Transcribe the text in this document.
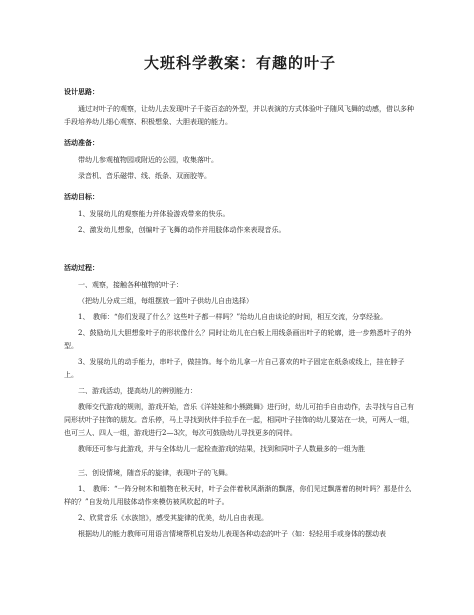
大班科学教案：有趣的叶子
设计思路：

通过对叶子的观察，让幼儿去发现叶子千姿百态的外型，并以表演的方式体验叶子随风飞舞的动感，借以多种手段培养幼儿细心观察、积极想象、大胆表现的能力。

活动准备：

带幼儿参观植物园或附近的公园，收集落叶。

录音机、音乐磁带、线、纸条、双面胶等。

活动目标：

1、发展幼儿的观察能力并体验游戏带来的快乐。

2、激发幼儿想象，创编叶子飞舞的动作并用肢体动作来表现音乐。

活动过程：

一、观察，接触各种植物的叶子：

（把幼儿分成三组，每组摆放一篮叶子供幼儿自由选择）

1、　教师：“你们发现了什么？这些叶子都一样吗？”给幼儿自由谈论的时间，相互交流，分享经验。

2、鼓励幼儿大胆想象叶子的形状像什么？同时让幼儿在白板上用线条画出叶子的轮廓，进一步熟悉叶子的外型。

3、发展幼儿的动手能力，串叶子，做挂饰。每个幼儿拿一片自己喜欢的叶子固定在纸条或线上，挂在脖子上。

二、游戏活动，提高幼儿的辨别能力：

教师交代游戏的规则，游戏开始，音乐《洋娃娃和小熊跳舞》进行时，幼儿可拍手自由动作，去寻找与自己有同形状叶子挂饰的朋友。音乐停，马上寻找到伙伴手拉手在一起，相同叶子挂饰的幼儿要站在一块，可两人一组，也可三人、四人一组，游戏进行2—3次，每次可鼓励幼儿寻找更多的同伴。

教师还可参与此游戏，并与全体幼儿一起检查游戏的结果，找到和同叶子人数最多的一组为胜

三、创设情境，随音乐的旋律，表现叶子的飞舞。

1、　教师：“一阵分树木和植物在秋天时，叶子会伴着秋风渐渐的飘落，你们见过飘落着的树叶吗？那是什么样的？”自发幼儿用肢体动作来模仿被风吹起的叶子。

2、欣赏音乐《水族馆》，感受其旋律的优美，幼儿自由表现。

根据幼儿的能力教师可用语言情境帮机启发幼儿表现各种动态的叶子（如：轻轻用手或身体的摆动表
